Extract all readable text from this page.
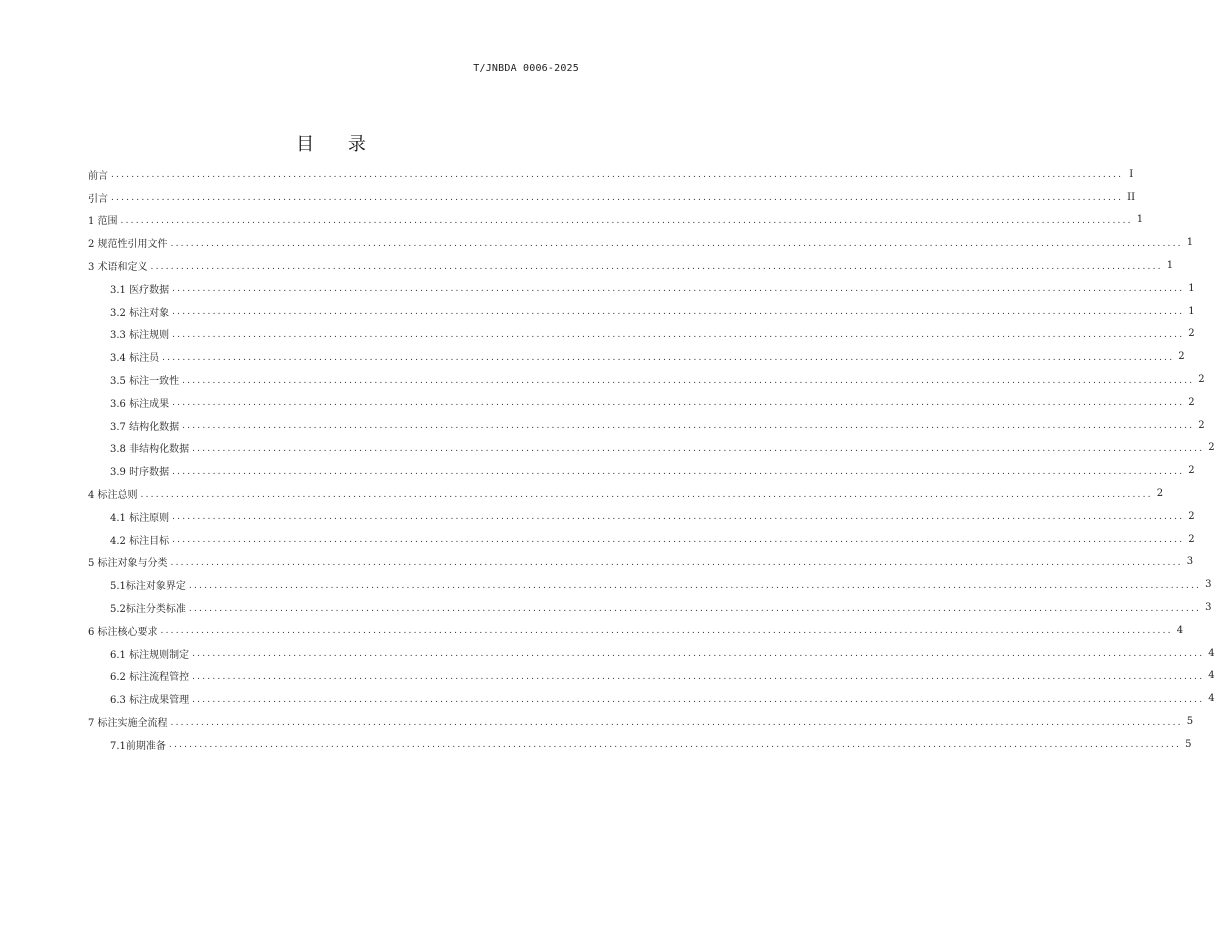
T/JNBDA 0006-2025
目 录
前言 ........................................................................................................................................................................................................ I
引言 ........................................................................................................................................................................................................ II
1 范围 ........................................................................................................................................................................................................ 1
2 规范性引用文件 ........................................................................................................................................................................................................ 1
3 术语和定义 ........................................................................................................................................................................................................ 1
3.1 医疗数据 ........................................................................................................................................................................................................ 1
3.2 标注对象 ........................................................................................................................................................................................................ 1
3.3 标注规则 ........................................................................................................................................................................................................ 2
3.4 标注员 ........................................................................................................................................................................................................ 2
3.5 标注一致性 ........................................................................................................................................................................................................ 2
3.6 标注成果 ........................................................................................................................................................................................................ 2
3.7 结构化数据 ........................................................................................................................................................................................................ 2
3.8 非结构化数据 ........................................................................................................................................................................................................ 2
3.9 时序数据 ........................................................................................................................................................................................................ 2
4 标注总则 ........................................................................................................................................................................................................ 2
4.1 标注原则 ........................................................................................................................................................................................................ 2
4.2 标注目标 ........................................................................................................................................................................................................ 2
5 标注对象与分类 ........................................................................................................................................................................................................ 3
5.1标注对象界定 ........................................................................................................................................................................................................ 3
5.2标注分类标准 ........................................................................................................................................................................................................ 3
6 标注核心要求 ........................................................................................................................................................................................................ 4
6.1 标注规则制定 ........................................................................................................................................................................................................ 4
6.2 标注流程管控 ........................................................................................................................................................................................................ 4
6.3 标注成果管理 ........................................................................................................................................................................................................ 4
7 标注实施全流程 ........................................................................................................................................................................................................ 5
7.1前期准备 ........................................................................................................................................................................................................ 5
